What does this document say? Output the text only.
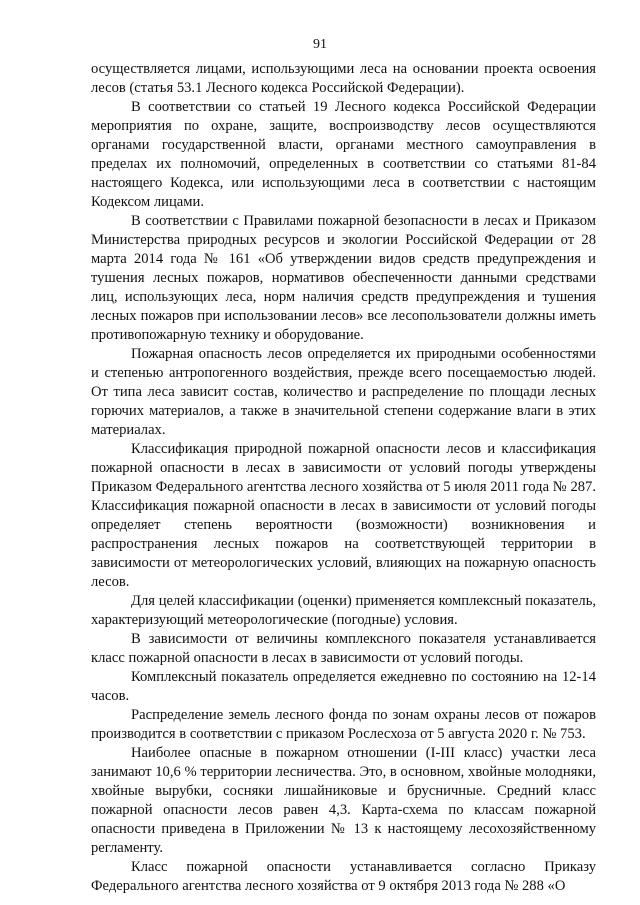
91

осуществляется лицами, использующими леса на основании проекта освоения лесов (статья 53.1 Лесного кодекса Российской Федерации).

В соответствии со статьей 19 Лесного кодекса Российской Федерации мероприятия по охране, защите, воспроизводству лесов осуществляются органами государственной власти, органами местного самоуправления в пределах их полномочий, определенных в соответствии со статьями 81-84 настоящего Кодекса, или использующими леса в соответствии с настоящим Кодексом лицами.

В соответствии с Правилами пожарной безопасности в лесах и Приказом Министерства природных ресурсов и экологии Российской Федерации от 28 марта 2014 года № 161 «Об утверждении видов средств предупреждения и тушения лесных пожаров, нормативов обеспеченности данными средствами лиц, использующих леса, норм наличия средств предупреждения и тушения лесных пожаров при использовании лесов» все лесопользователи должны иметь противопожарную технику и оборудование.

Пожарная опасность лесов определяется их природными особенностями и степенью антропогенного воздействия, прежде всего посещаемостью людей. От типа леса зависит состав, количество и распределение по площади лесных горючих материалов, а также в значительной степени содержание влаги в этих материалах.

Классификация природной пожарной опасности лесов и классификация пожарной опасности в лесах в зависимости от условий погоды утверждены Приказом Федерального агентства лесного хозяйства от 5 июля 2011 года № 287. Классификация пожарной опасности в лесах в зависимости от условий погоды определяет степень вероятности (возможности) возникновения и распространения лесных пожаров на соответствующей территории в зависимости от метеорологических условий, влияющих на пожарную опасность лесов.

Для целей классификации (оценки) применяется комплексный показатель, характеризующий метеорологические (погодные) условия.

В зависимости от величины комплексного показателя устанавливается класс пожарной опасности в лесах в зависимости от условий погоды.

Комплексный показатель определяется ежедневно по состоянию на 12-14 часов.

Распределение земель лесного фонда по зонам охраны лесов от пожаров производится в соответствии с приказом Рослесхоза от 5 августа 2020 г. № 753.

Наиболее опасные в пожарном отношении (I-III класс) участки леса занимают 10,6 % территории лесничества. Это, в основном, хвойные молодняки, хвойные вырубки, сосняки лишайниковые и брусничные. Средний класс пожарной опасности лесов равен 4,3. Карта-схема по классам пожарной опасности приведена в Приложении № 13 к настоящему лесохозяйственному регламенту.

Класс пожарной опасности устанавливается согласно Приказу Федерального агентства лесного хозяйства от 9 октября 2013 года № 288 «О
